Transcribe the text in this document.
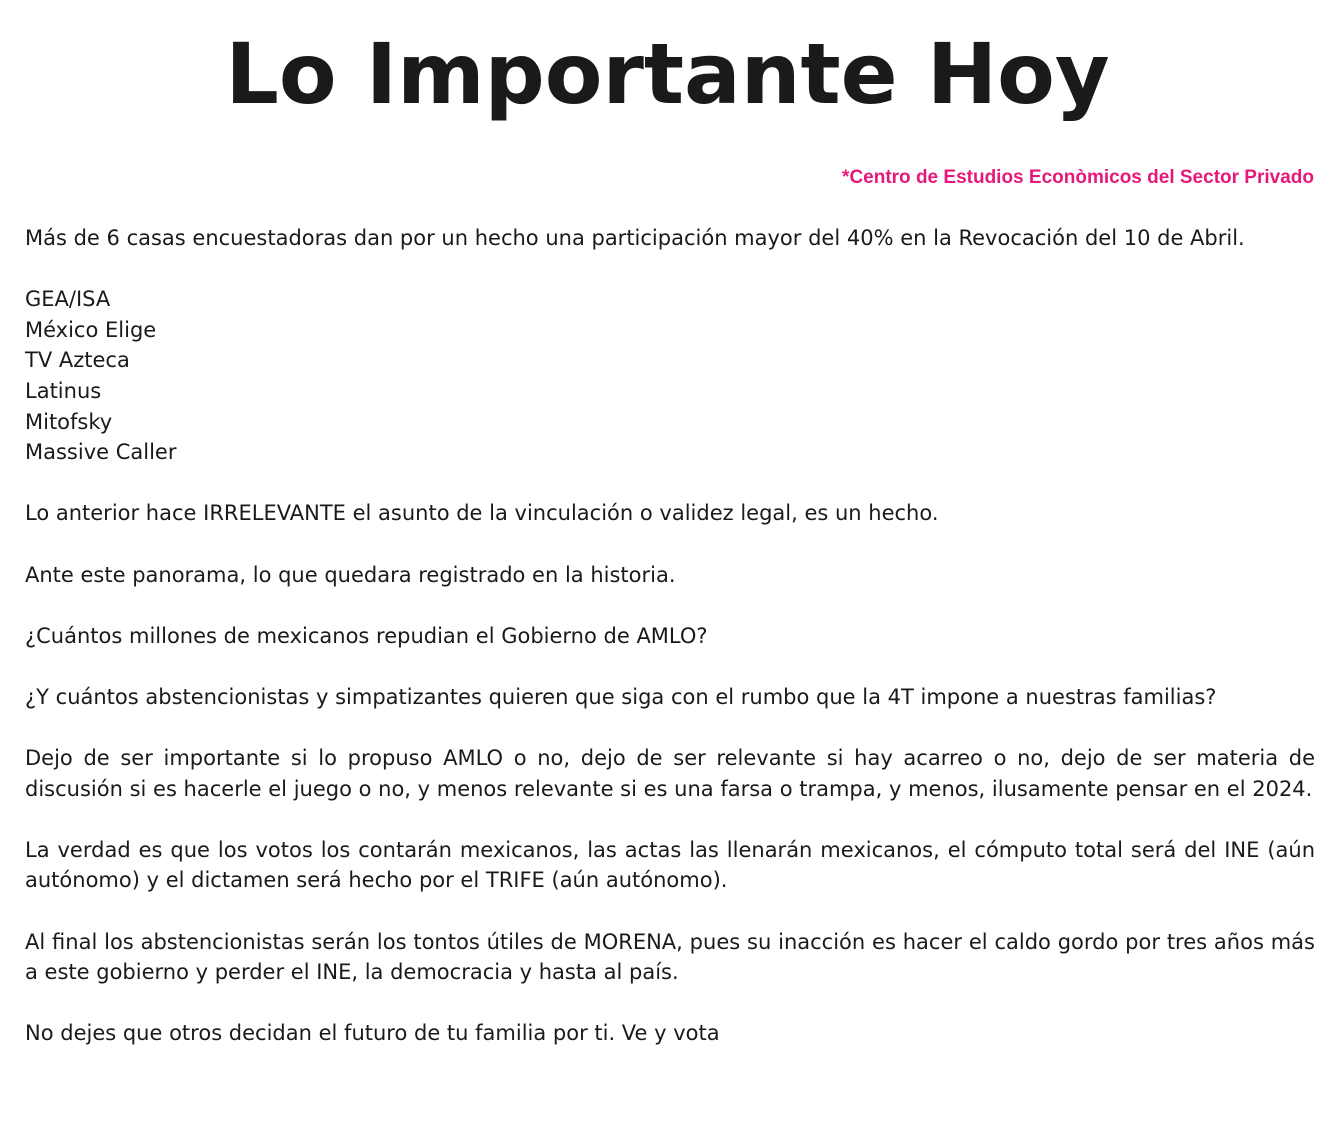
Lo Importante Hoy

*Centro de Estudios Econòmicos del Sector Privado

Más de 6 casas encuestadoras dan por un hecho una participación mayor del 40% en la Revocación del 10 de Abril.

GEA/ISA
México Elige
TV Azteca
Latinus
Mitofsky
Massive Caller

Lo anterior hace IRRELEVANTE el asunto de la vinculación o validez legal, es un hecho.

Ante este panorama, lo que quedara registrado en la historia.

¿Cuántos millones de mexicanos repudian el Gobierno de AMLO?

¿Y cuántos abstencionistas y simpatizantes quieren que siga con el rumbo que la 4T impone a nuestras familias?

Dejo de ser importante si lo propuso AMLO o no, dejo de ser relevante si hay acarreo o no, dejo de ser materia de discusión si es hacerle el juego o no, y menos relevante si es una farsa o trampa, y menos, ilusamente pensar en el 2024.

La verdad es que los votos los contarán mexicanos, las actas las llenarán mexicanos, el cómputo total será del INE (aún autónomo) y el dictamen será hecho por el TRIFE (aún autónomo).

Al final los abstencionistas serán los tontos útiles de MORENA, pues su inacción es hacer el caldo gordo por tres años más a este gobierno y perder el INE, la democracia y hasta al país.

No dejes que otros decidan el futuro de tu familia por ti. Ve y vota
